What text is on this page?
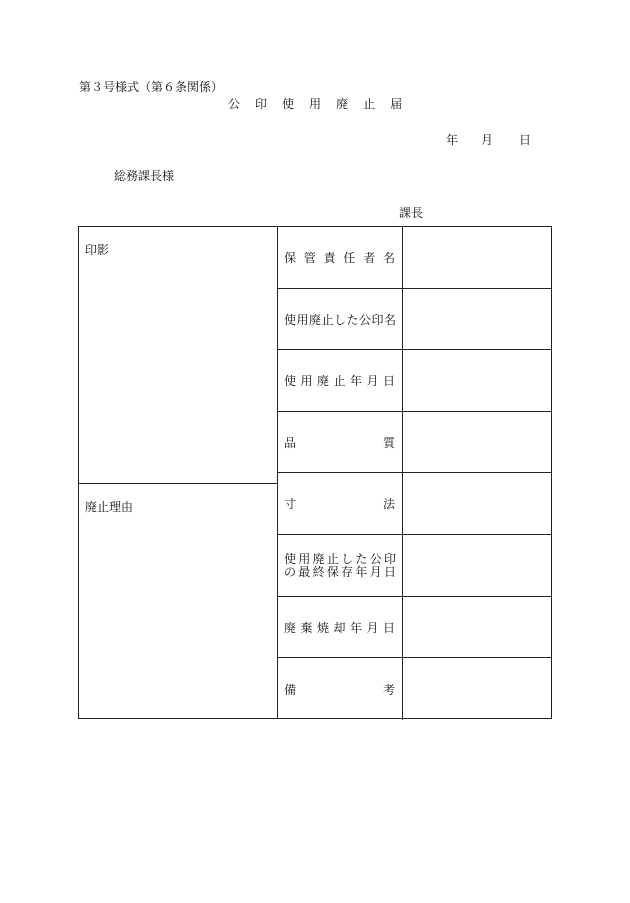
第３号様式（第６条関係）
公 印 使 用 廃 止 届
年 月 日
総務課長様
課長
印影
廃止理由
保管責任者名
使用廃止した公印名
使用廃止年月日
品　質
寸　法
使用廃止した公印
の最終保存年月日
廃棄焼却年月日
備　考
